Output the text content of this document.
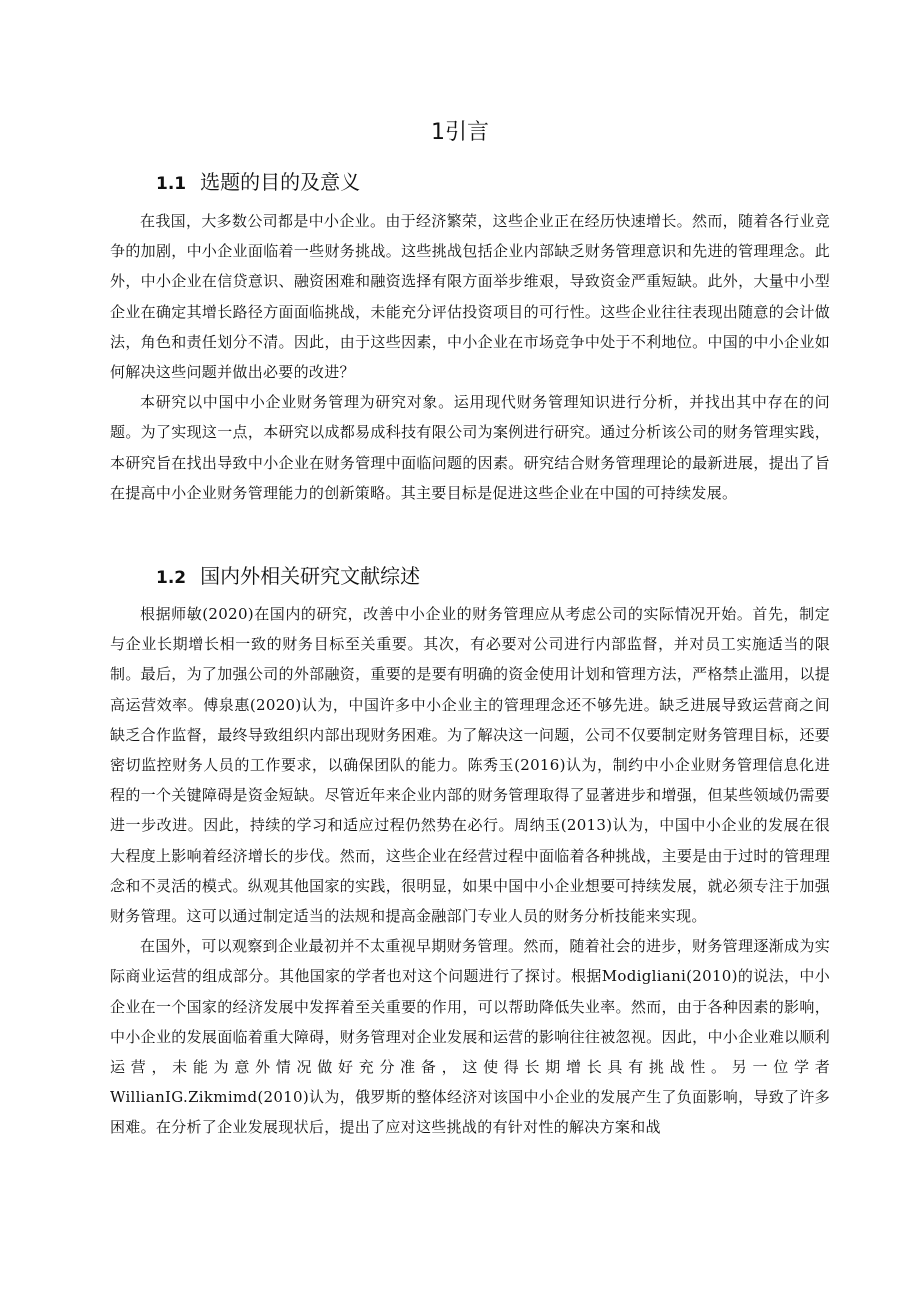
1引言
1.1 选题的目的及意义

在我国，大多数公司都是中小企业。由于经济繁荣，这些企业正在经历快速增长。然而，随着各行业竞争的加剧，中小企业面临着一些财务挑战。这些挑战包括企业内部缺乏财务管理意识和先进的管理理念。此外，中小企业在信贷意识、融资困难和融资选择有限方面举步维艰，导致资金严重短缺。此外，大量中小型企业在确定其增长路径方面面临挑战，未能充分评估投资项目的可行性。这些企业往往表现出随意的会计做法，角色和责任划分不清。因此，由于这些因素，中小企业在市场竞争中处于不利地位。中国的中小企业如何解决这些问题并做出必要的改进？

本研究以中国中小企业财务管理为研究对象。运用现代财务管理知识进行分析，并找出其中存在的问题。为了实现这一点，本研究以成都易成科技有限公司为案例进行研究。通过分析该公司的财务管理实践，本研究旨在找出导致中小企业在财务管理中面临问题的因素。研究结合财务管理理论的最新进展，提出了旨在提高中小企业财务管理能力的创新策略。其主要目标是促进这些企业在中国的可持续发展。

1.2 国内外相关研究文献综述

根据师敏(2020)在国内的研究，改善中小企业的财务管理应从考虑公司的实际情况开始。首先，制定与企业长期增长相一致的财务目标至关重要。其次，有必要对公司进行内部监督，并对员工实施适当的限制。最后，为了加强公司的外部融资，重要的是要有明确的资金使用计划和管理方法，严格禁止滥用，以提高运营效率。傅泉惠(2020)认为，中国许多中小企业主的管理理念还不够先进。缺乏进展导致运营商之间缺乏合作监督，最终导致组织内部出现财务困难。为了解决这一问题，公司不仅要制定财务管理目标，还要密切监控财务人员的工作要求，以确保团队的能力。陈秀玉(2016)认为，制约中小企业财务管理信息化进程的一个关键障碍是资金短缺。尽管近年来企业内部的财务管理取得了显著进步和增强，但某些领域仍需要进一步改进。因此，持续的学习和适应过程仍然势在必行。周纳玉(2013)认为，中国中小企业的发展在很大程度上影响着经济增长的步伐。然而，这些企业在经营过程中面临着各种挑战，主要是由于过时的管理理念和不灵活的模式。纵观其他国家的实践，很明显，如果中国中小企业想要可持续发展，就必须专注于加强财务管理。这可以通过制定适当的法规和提高金融部门专业人员的财务分析技能来实现。

在国外，可以观察到企业最初并不太重视早期财务管理。然而，随着社会的进步，财务管理逐渐成为实际商业运营的组成部分。其他国家的学者也对这个问题进行了探讨。根据Modigliani(2010)的说法，中小企业在一个国家的经济发展中发挥着至关重要的作用，可以帮助降低失业率。然而，由于各种因素的影响，中小企业的发展面临着重大障碍，财务管理对企业发展和运营的影响往往被忽视。因此，中小企业难以顺利运营，未能为意外情况做好充分准备，这使得长期增长具有挑战性。另一位学者WillianIG.Zikmimd(2010)认为，俄罗斯的整体经济对该国中小企业的发展产生了负面影响，导致了许多困难。在分析了企业发展现状后，提出了应对这些挑战的有针对性的解决方案和战
